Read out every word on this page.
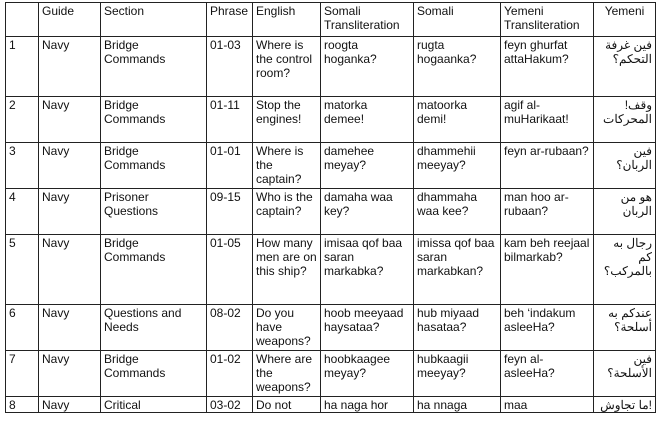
	Guide	Section	Phrase	English	Somali Transliteration	Somali	Yemeni Transliteration	Yemeni
1	Navy	Bridge Commands	01-03	Where is the control room?	roogta hoganka?	rugta hogaanka?	feyn ghurfat attaHakum?	فين غرفة التحكم؟
2	Navy	Bridge Commands	01-11	Stop the engines!	matorka demee!	matoorka demi!	agif al-muHarikaat!	وقف! المحركات
3	Navy	Bridge Commands	01-01	Where is the captain?	damehee meyay?	dhammehii meeyay?	feyn ar-rubaan?	فين الربان؟
4	Navy	Prisoner Questions	09-15	Who is the captain?	damaha waa key?	dhammaha waa kee?	man hoo ar-rubaan?	هو من الربان
5	Navy	Bridge Commands	01-05	How many men are on this ship?	imisaa qof baa saran markabka?	imissa qof baa saran markabkan?	kam beh reejaal bilmarkab?	رجال به كم بالمركب؟
6	Navy	Questions and Needs	08-02	Do you have weapons?	hoob meeyaad haysataa?	hub miyaad hasataa?	beh ‘indakum asleeHa?	عندكم به أسلحة؟
7	Navy	Bridge Commands	01-02	Where are the weapons?	hoobkaagee meyay?	hubkaagii meeyay?	feyn al-asleeHa?	فين الأسلحة؟
8	Navy	Critical	03-02	Do not	ha naga hor	ha nnaga	maa	!ما تجاوش
